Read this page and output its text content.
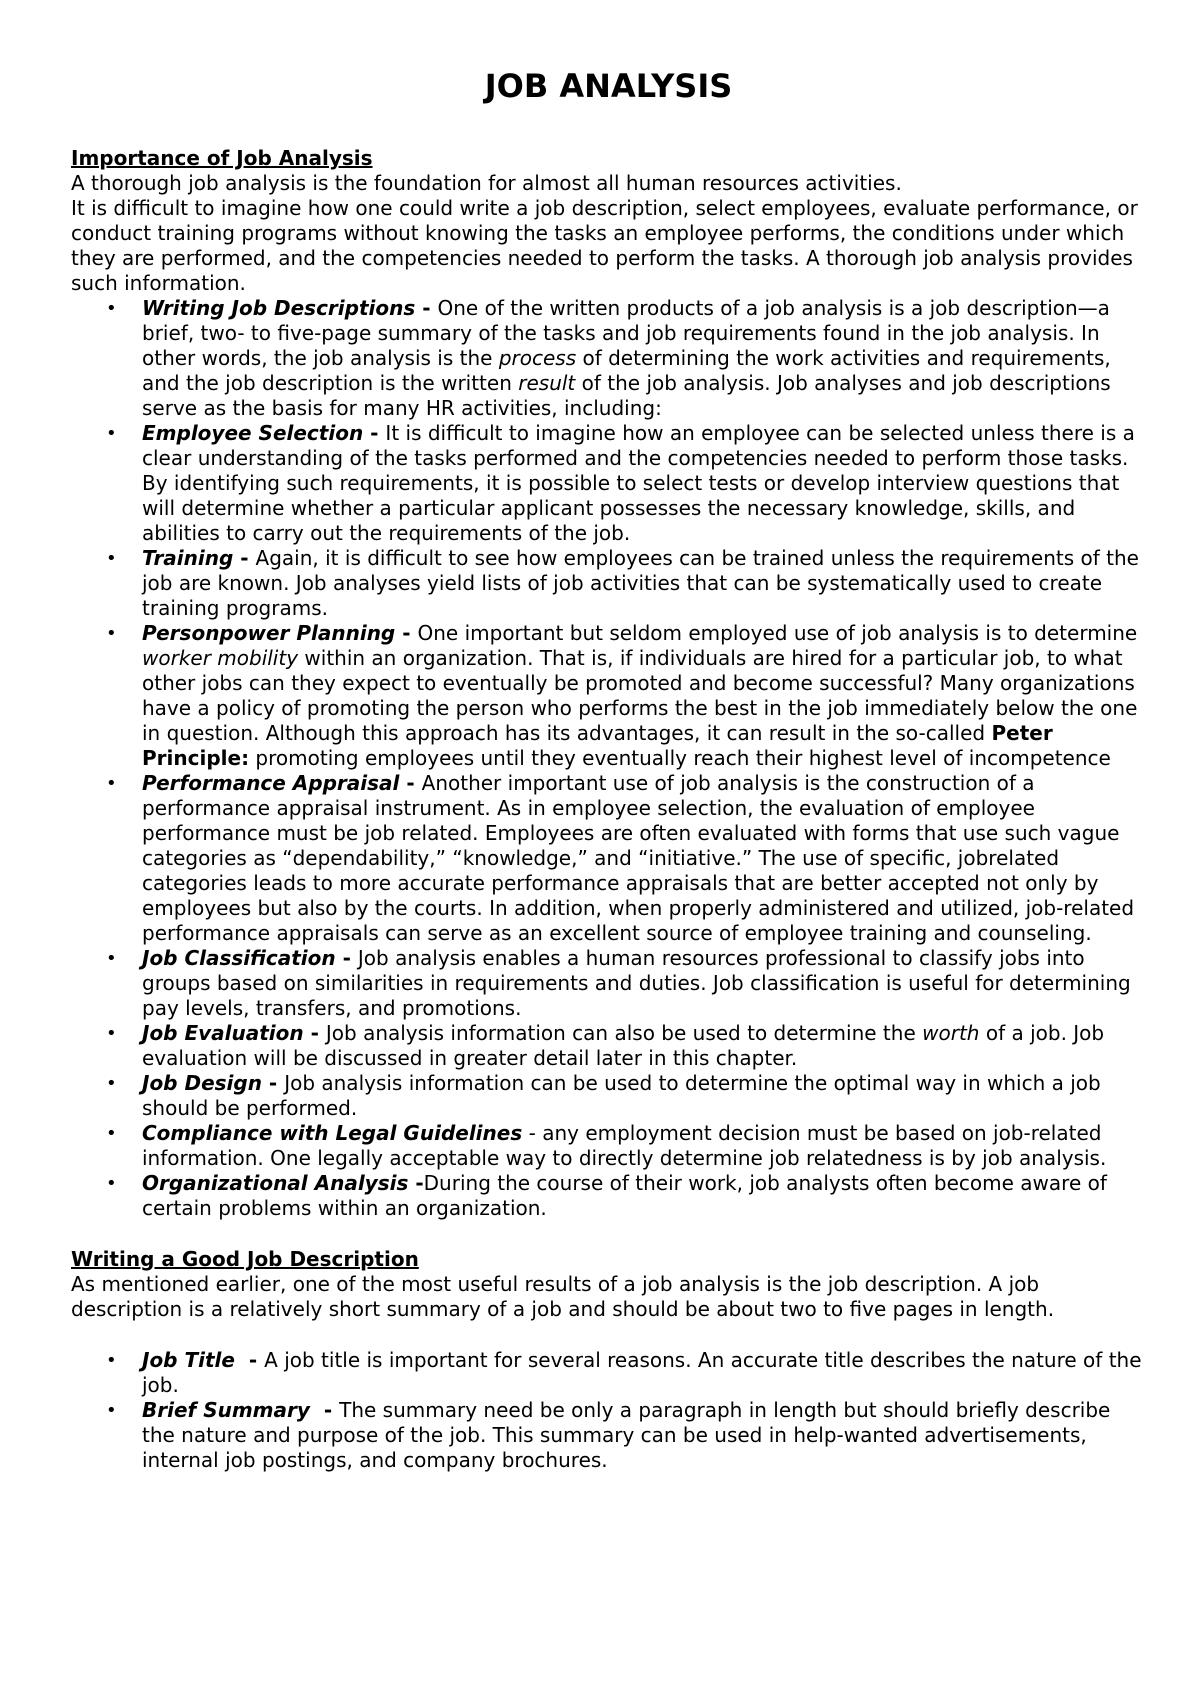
JOB ANALYSIS

Importance of Job Analysis

A thorough job analysis is the foundation for almost all human resources activities.

It is difficult to imagine how one could write a job description, select employees, evaluate performance, or conduct training programs without knowing the tasks an employee performs, the conditions under which they are performed, and the competencies needed to perform the tasks. A thorough job analysis provides such information.

• Writing Job Descriptions - One of the written products of a job analysis is a job description—a brief, two- to five-page summary of the tasks and job requirements found in the job analysis. In other words, the job analysis is the process of determining the work activities and requirements, and the job description is the written result of the job analysis. Job analyses and job descriptions serve as the basis for many HR activities, including:
• Employee Selection - It is difficult to imagine how an employee can be selected unless there is a clear understanding of the tasks performed and the competencies needed to perform those tasks. By identifying such requirements, it is possible to select tests or develop interview questions that will determine whether a particular applicant possesses the necessary knowledge, skills, and abilities to carry out the requirements of the job.
• Training - Again, it is difficult to see how employees can be trained unless the requirements of the job are known. Job analyses yield lists of job activities that can be systematically used to create training programs.
• Personpower Planning - One important but seldom employed use of job analysis is to determine worker mobility within an organization. That is, if individuals are hired for a particular job, to what other jobs can they expect to eventually be promoted and become successful? Many organizations have a policy of promoting the person who performs the best in the job immediately below the one in question. Although this approach has its advantages, it can result in the so-called Peter Principle: promoting employees until they eventually reach their highest level of incompetence
• Performance Appraisal - Another important use of job analysis is the construction of a performance appraisal instrument. As in employee selection, the evaluation of employee performance must be job related. Employees are often evaluated with forms that use such vague categories as “dependability,” “knowledge,” and “initiative.” The use of specific, jobrelated categories leads to more accurate performance appraisals that are better accepted not only by employees but also by the courts. In addition, when properly administered and utilized, job-related performance appraisals can serve as an excellent source of employee training and counseling.
• Job Classification - Job analysis enables a human resources professional to classify jobs into groups based on similarities in requirements and duties. Job classification is useful for determining pay levels, transfers, and promotions.
• Job Evaluation - Job analysis information can also be used to determine the worth of a job. Job evaluation will be discussed in greater detail later in this chapter.
• Job Design - Job analysis information can be used to determine the optimal way in which a job should be performed.
• Compliance with Legal Guidelines - any employment decision must be based on job-related information. One legally acceptable way to directly determine job relatedness is by job analysis.
• Organizational Analysis -During the course of their work, job analysts often become aware of certain problems within an organization.

Writing a Good Job Description

As mentioned earlier, one of the most useful results of a job analysis is the job description. A job description is a relatively short summary of a job and should be about two to five pages in length.

• Job Title  - A job title is important for several reasons. An accurate title describes the nature of the job.
• Brief Summary  - The summary need be only a paragraph in length but should briefly describe the nature and purpose of the job. This summary can be used in help-wanted advertisements, internal job postings, and company brochures.
